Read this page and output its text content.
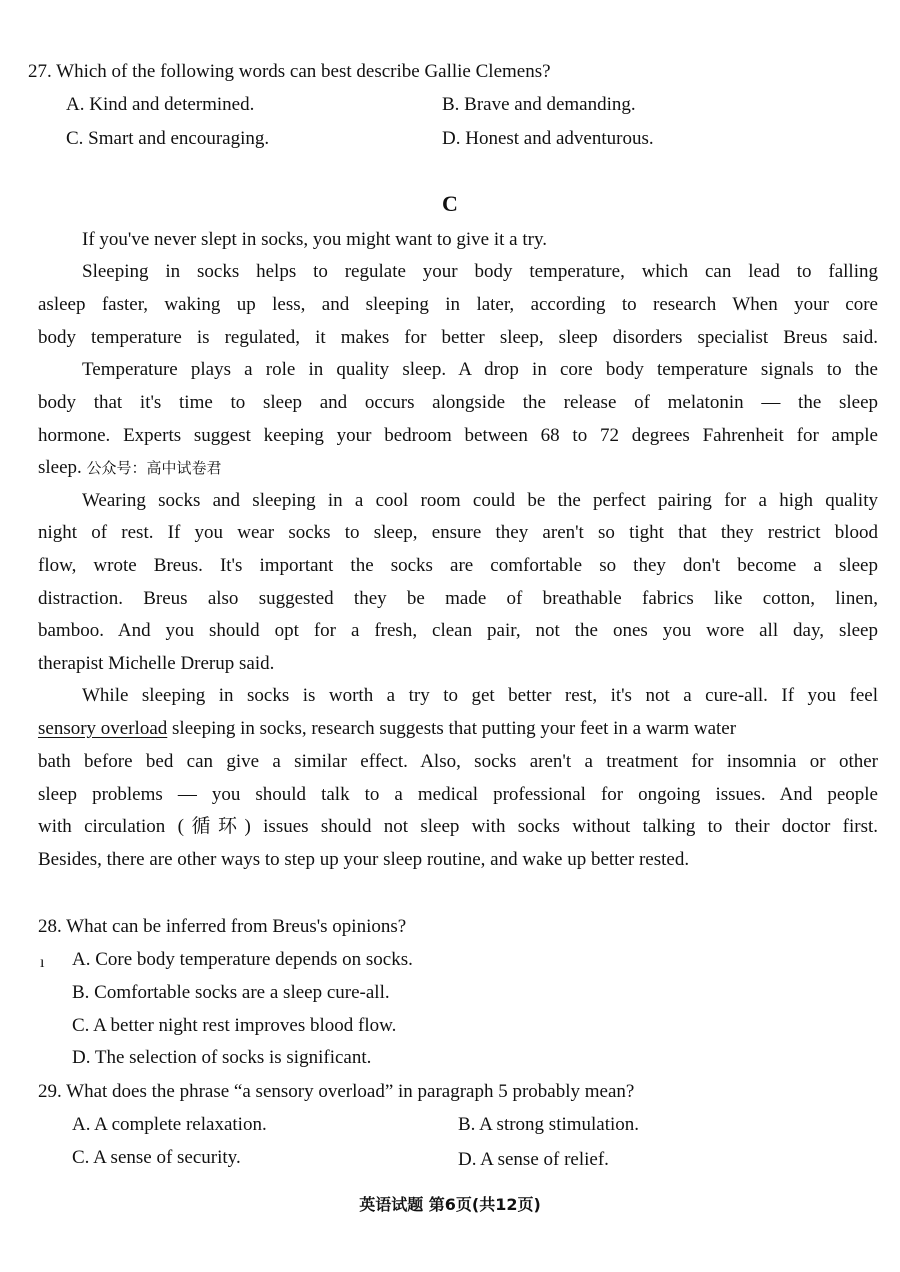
27. Which of the following words can best describe Gallie Clemens?
A. Kind and determined.	B. Brave and demanding.
C. Smart and encouraging.	D. Honest and adventurous.
C
If you've never slept in socks, you might want to give it a try.
Sleeping in socks helps to regulate your body temperature, which can lead to falling
asleep faster, waking up less, and sleeping in later, according to research When your core
body temperature is regulated, it makes for better sleep, sleep disorders specialist Breus said.
Temperature plays a role in quality sleep. A drop in core body temperature signals to the
body that it's time to sleep and occurs alongside the release of melatonin — the sleep
hormone. Experts suggest keeping your bedroom between 68 to 72 degrees Fahrenheit for ample
sleep. 公众号：高中试卷君
Wearing socks and sleeping in a cool room could be the perfect pairing for a high quality
night of rest. If you wear socks to sleep, ensure they aren't so tight that they restrict blood
flow, wrote Breus. It's important the socks are comfortable so they don't become a sleep
distraction. Breus also suggested they be made of breathable fabrics like cotton, linen,
bamboo. And you should opt for a fresh, clean pair, not the ones you wore all day, sleep
therapist Michelle Drerup said.
While sleeping in socks is worth a try to get better rest, it's not a cure-all. If you feel
sensory overload sleeping in socks, research suggests that putting your feet in a warm water
bath before bed can give a similar effect. Also, socks aren't a treatment for insomnia or other
sleep problems — you should talk to a medical professional for ongoing issues. And people
with circulation (循环) issues should not sleep with socks without talking to their doctor first.
Besides, there are other ways to step up your sleep routine, and wake up better rested.
28. What can be inferred from Breus's opinions?
ı A. Core body temperature depends on socks.
B. Comfortable socks are a sleep cure-all.
C. A better night rest improves blood flow.
D. The selection of socks is significant.
29. What does the phrase “a sensory overload” in paragraph 5 probably mean?
A. A complete relaxation.	B. A strong stimulation.
C. A sense of security.	D. A sense of relief.
英语试题 第6页(共12页)
